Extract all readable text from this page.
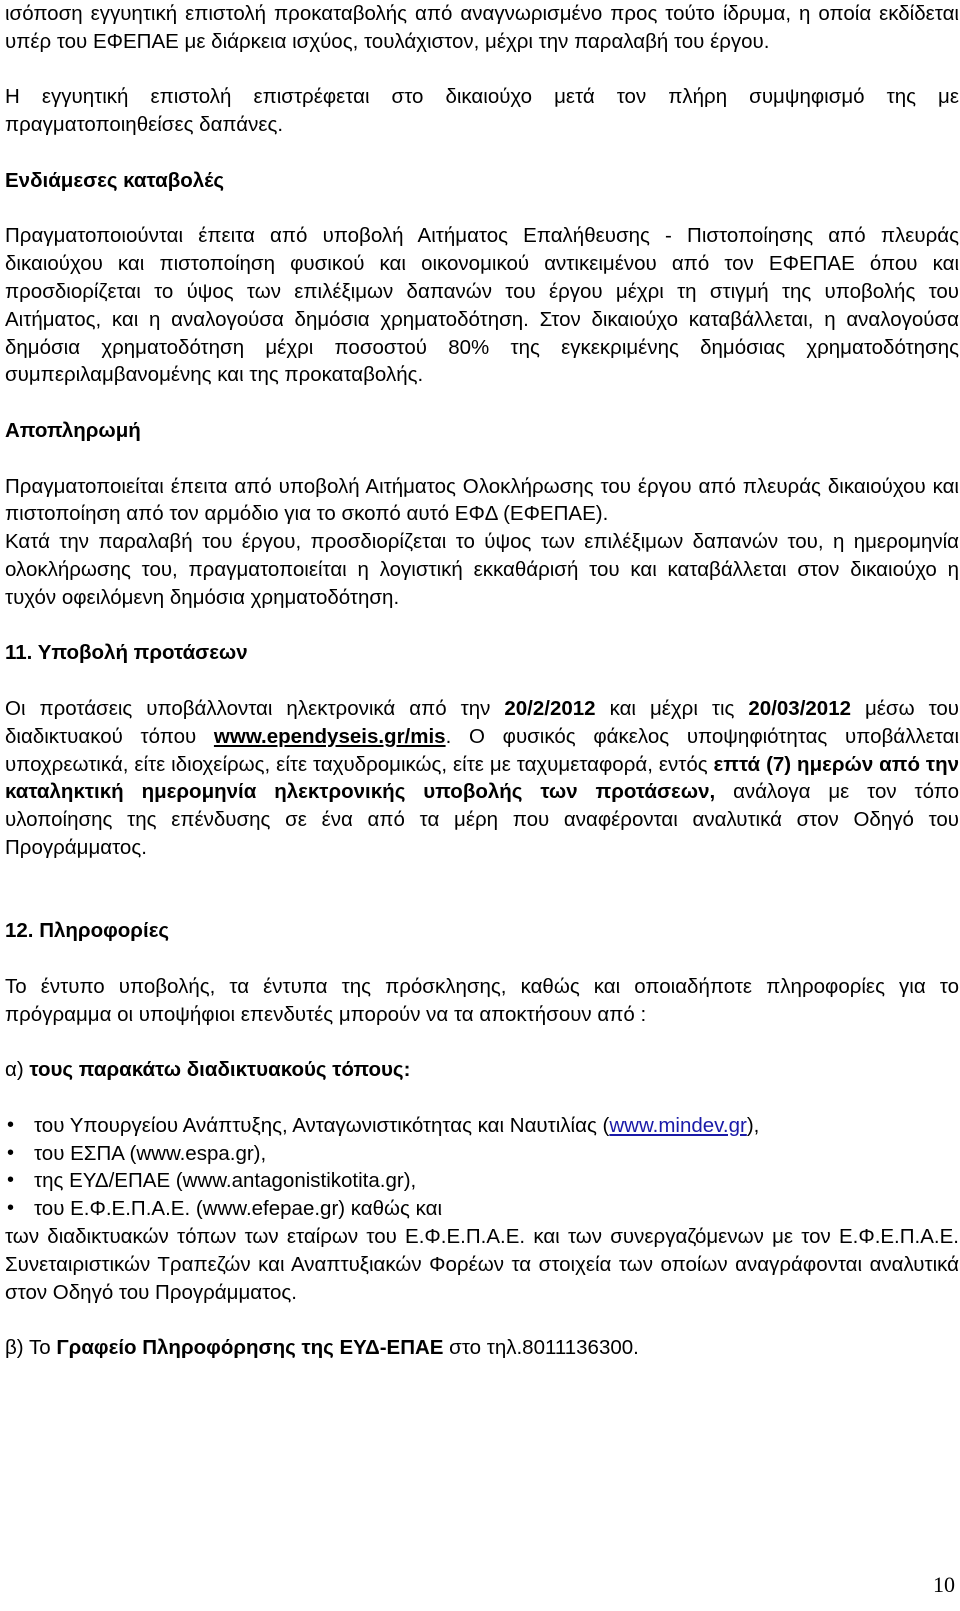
ισόποση εγγυητική επιστολή προκαταβολής από αναγνωρισμένο προς τούτο ίδρυμα, η οποία εκδίδεται υπέρ του ΕΦΕΠΑΕ με διάρκεια ισχύος, τουλάχιστον, μέχρι την παραλαβή του έργου.

Η εγγυητική επιστολή επιστρέφεται στο δικαιούχο μετά τον πλήρη συμψηφισμό της με πραγματοποιηθείσες δαπάνες.

Ενδιάμεσες καταβολές

Πραγματοποιούνται έπειτα από υποβολή Αιτήματος Επαλήθευσης - Πιστοποίησης από πλευράς δικαιούχου και πιστοποίηση φυσικού και οικονομικού αντικειμένου από τον ΕΦΕΠΑΕ όπου και προσδιορίζεται το ύψος των επιλέξιμων δαπανών του έργου μέχρι τη στιγμή της υποβολής του Αιτήματος, και η αναλογούσα δημόσια χρηματοδότηση. Στον δικαιούχο καταβάλλεται, η αναλογούσα δημόσια χρηματοδότηση μέχρι ποσοστού 80% της εγκεκριμένης δημόσιας χρηματοδότησης συμπεριλαμβανομένης και της προκαταβολής.

Αποπληρωμή

Πραγματοποιείται έπειτα από υποβολή Αιτήματος Ολοκλήρωσης του έργου από πλευράς δικαιούχου και πιστοποίηση από τον αρμόδιο για το σκοπό αυτό ΕΦΔ (ΕΦΕΠΑΕ).

Κατά την παραλαβή του έργου, προσδιορίζεται το ύψος των επιλέξιμων δαπανών του, η ημερομηνία ολοκλήρωσης του, πραγματοποιείται η λογιστική εκκαθάρισή του και καταβάλλεται στον δικαιούχο η τυχόν οφειλόμενη δημόσια χρηματοδότηση.

11. Υποβολή προτάσεων

Οι προτάσεις υποβάλλονται ηλεκτρονικά από την 20/2/2012 και μέχρι τις 20/03/2012 μέσω του διαδικτυακού τόπου www.ependyseis.gr/mis. Ο φυσικός φάκελος υποψηφιότητας υποβάλλεται υποχρεωτικά, είτε ιδιοχείρως, είτε ταχυδρομικώς, είτε με ταχυμεταφορά, εντός επτά (7) ημερών από την καταληκτική ημερομηνία ηλεκτρονικής υποβολής των προτάσεων, ανάλογα με τον τόπο υλοποίησης της επένδυσης σε ένα από τα μέρη που αναφέρονται αναλυτικά στον Οδηγό του Προγράμματος.

12. Πληροφορίες

Το έντυπο υποβολής, τα έντυπα της πρόσκλησης, καθώς και οποιαδήποτε πληροφορίες για το πρόγραμμα οι υποψήφιοι επενδυτές μπορούν να τα αποκτήσουν από :

α) τους παρακάτω διαδικτυακούς τόπους:

• του Υπουργείου Ανάπτυξης, Ανταγωνιστικότητας και Ναυτιλίας (www.mindev.gr),
• του ΕΣΠΑ (www.espa.gr),
• της ΕΥΔ/ΕΠΑΕ (www.antagonistikotita.gr),
• του Ε.Φ.Ε.Π.Α.Ε. (www.efepae.gr) καθώς και

των διαδικτυακών τόπων των εταίρων του Ε.Φ.Ε.Π.Α.Ε. και των συνεργαζόμενων με τον Ε.Φ.Ε.Π.Α.Ε. Συνεταιριστικών Τραπεζών και Αναπτυξιακών Φορέων τα στοιχεία των οποίων αναγράφονται αναλυτικά στον Οδηγό του Προγράμματος.

β) Το Γραφείο Πληροφόρησης της ΕΥΔ-ΕΠΑΕ στο τηλ.8011136300.

10
